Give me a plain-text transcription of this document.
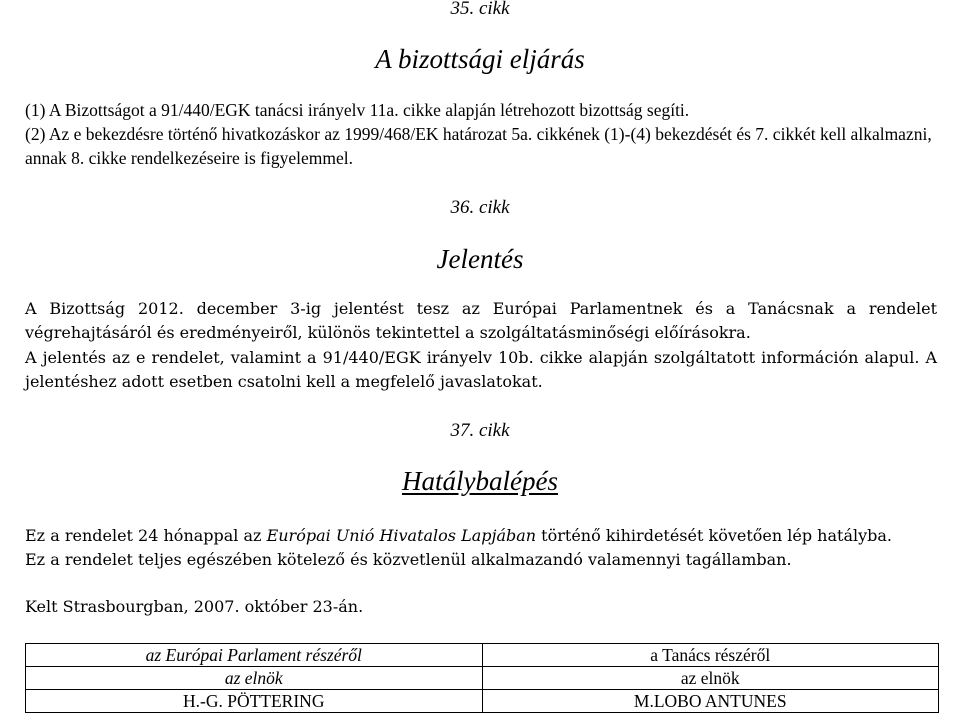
35. cikk

A bizottsági eljárás

(1) A Bizottságot a 91/440/EGK tanácsi irányelv 11a. cikke alapján létrehozott bizottság segíti.

(2) Az e bekezdésre történő hivatkozáskor az 1999/468/EK határozat 5a. cikkének (1)-(4) bekezdését és 7. cikkét kell alkalmazni, annak 8. cikke rendelkezéseire is figyelemmel.

36. cikk

Jelentés

A Bizottság 2012. december 3-ig jelentést tesz az Európai Parlamentnek és a Tanácsnak a rendelet végrehajtásáról és eredményeiről, különös tekintettel a szolgáltatásminőségi előírásokra.

A jelentés az e rendelet, valamint a 91/440/EGK irányelv 10b. cikke alapján szolgáltatott információn alapul. A jelentéshez adott esetben csatolni kell a megfelelő javaslatokat.

37. cikk

Hatálybalépés

Ez a rendelet 24 hónappal az Európai Unió Hivatalos Lapjában történő kihirdetését követően lép hatályba.

Ez a rendelet teljes egészében kötelező és közvetlenül alkalmazandó valamennyi tagállamban.

Kelt Strasbourgban, 2007. október 23-án.

az Európai Parlament részéről	a Tanács részéről
az elnök	az elnök
H.-G. PÖTTERING	M.LOBO ANTUNES
